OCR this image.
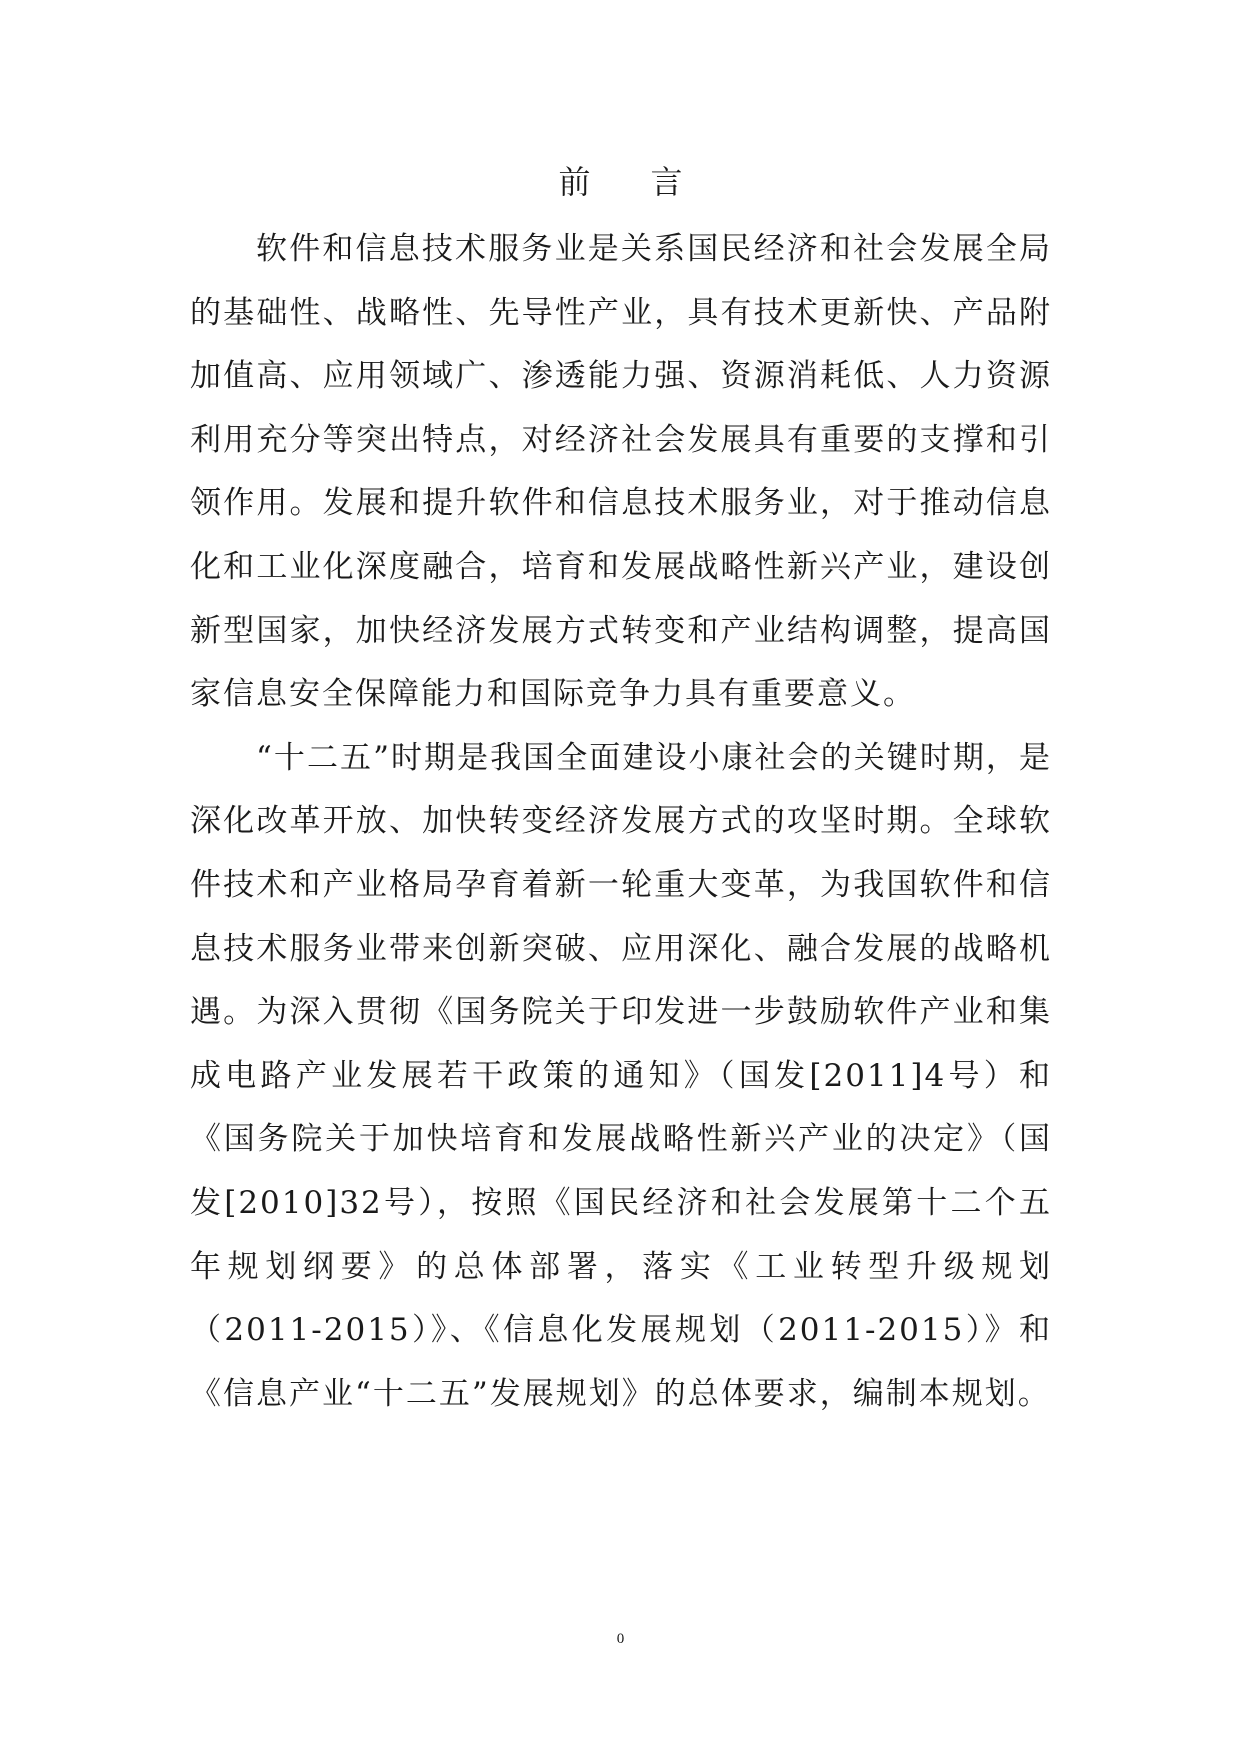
前言

软件和信息技术服务业是关系国民经济和社会发展全局的基础性、战略性、先导性产业，具有技术更新快、产品附加值高、应用领域广、渗透能力强、资源消耗低、人力资源利用充分等突出特点，对经济社会发展具有重要的支撑和引领作用。发展和提升软件和信息技术服务业，对于推动信息化和工业化深度融合，培育和发展战略性新兴产业，建设创新型国家，加快经济发展方式转变和产业结构调整，提高国家信息安全保障能力和国际竞争力具有重要意义。

“十二五”时期是我国全面建设小康社会的关键时期，是深化改革开放、加快转变经济发展方式的攻坚时期。全球软件技术和产业格局孕育着新一轮重大变革，为我国软件和信息技术服务业带来创新突破、应用深化、融合发展的战略机遇。为深入贯彻《国务院关于印发进一步鼓励软件产业和集成电路产业发展若干政策的通知》（国发[2011]4号）和《国务院关于加快培育和发展战略性新兴产业的决定》（国发[2010]32号），按照《国民经济和社会发展第十二个五年规划纲要》的总体部署，落实《工业转型升级规划（2011-2015）》、《信息化发展规划（2011-2015）》和《信息产业“十二五”发展规划》的总体要求，编制本规划。

0
